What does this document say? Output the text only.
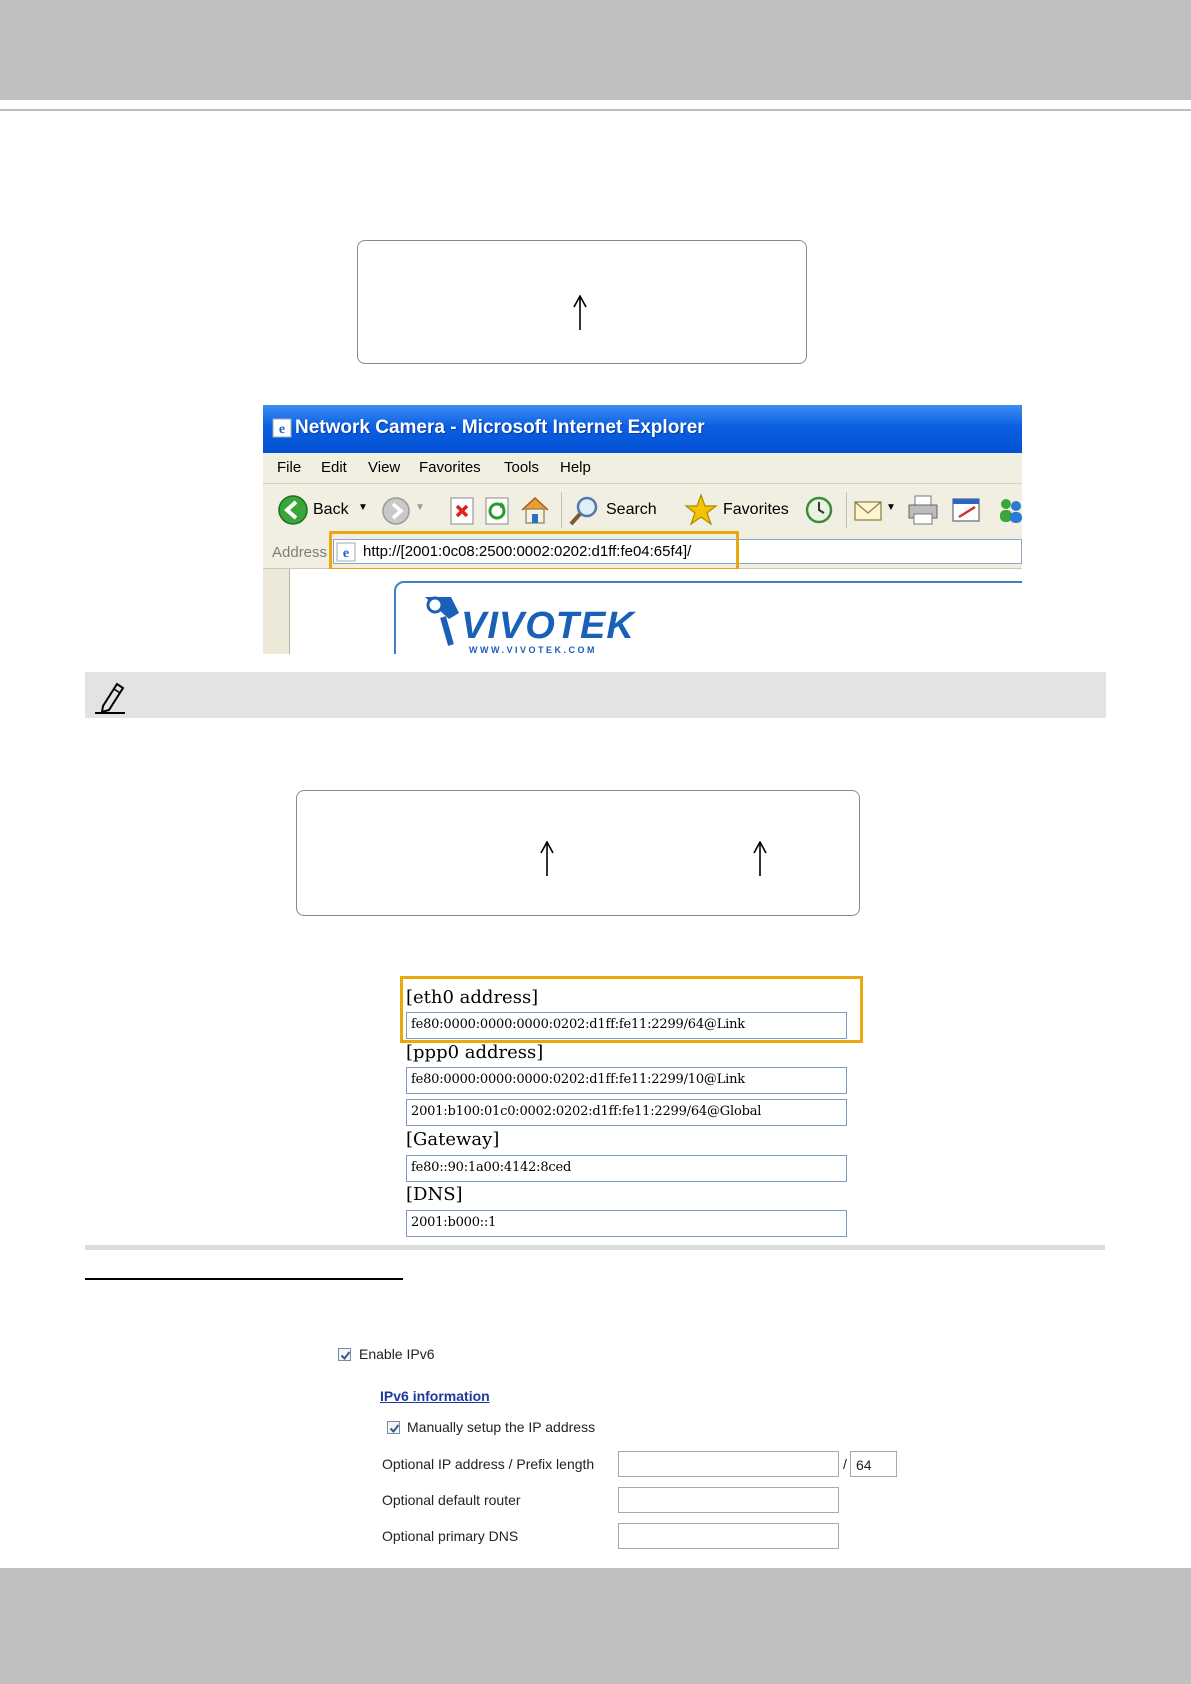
e Network Camera - Microsoft Internet Explorer
File Edit View Favorites Tools Help
Back ▼	▼	Search	Favorites	▼
Address e http://[2001:0c08:2500:0002:0202:d1ff:fe04:65f4]/
VIVOTEK
WWW.VIVOTEK.COM
[eth0 address]
fe80:0000:0000:0000:0202:d1ff:fe11:2299/64@Link
[ppp0 address]
fe80:0000:0000:0000:0202:d1ff:fe11:2299/10@Link
2001:b100:01c0:0002:0202:d1ff:fe11:2299/64@Global
[Gateway]
fe80::90:1a00:4142:8ced
[DNS]
2001:b000::1
Enable IPv6
IPv6 information
Manually setup the IP address
Optional IP address / Prefix length	/ 64
Optional default router
Optional primary DNS
